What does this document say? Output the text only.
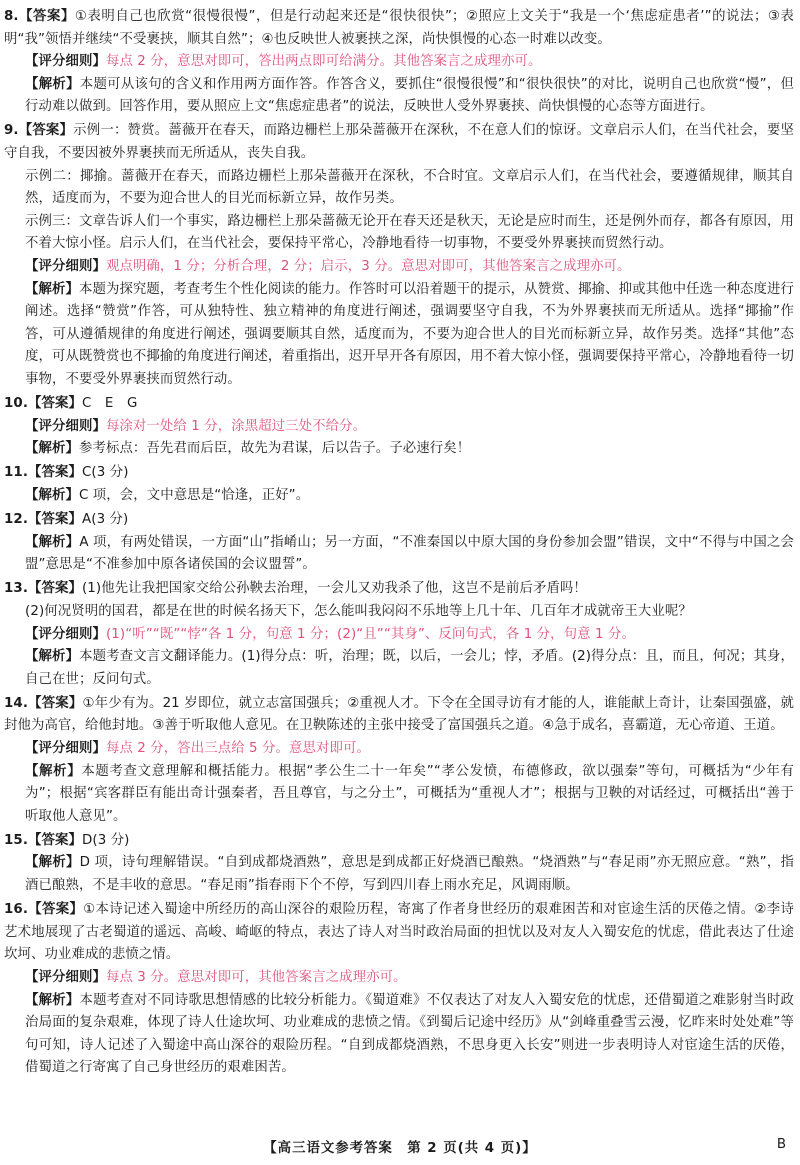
8.【答案】①表明自己也欣赏“很慢很慢”，但是行动起来还是“很快很快”；②照应上文关于“我是一个‘焦虑症患者’”的说法；③表明“我”领悟并继续“不受裹挟，顺其自然”；④也反映世人被裹挟之深，尚快惧慢的心态一时难以改变。
【评分细则】每点 2 分，意思对即可，答出两点即可给满分。其他答案言之成理亦可。
【解析】本题可从该句的含义和作用两方面作答。作答含义，要抓住“很慢很慢”和“很快很快”的对比，说明自己也欣赏“慢”，但行动难以做到。回答作用，要从照应上文“焦虑症患者”的说法，反映世人受外界裹挟、尚快惧慢的心态等方面进行。
9.【答案】示例一：赞赏。蔷薇开在春天，而路边栅栏上那朵蔷薇开在深秋，不在意人们的惊讶。文章启示人们，在当代社会，要坚守自我，不要因被外界裹挟而无所适从，丧失自我。
示例二：揶揄。蔷薇开在春天，而路边栅栏上那朵蔷薇开在深秋，不合时宜。文章启示人们，在当代社会，要遵循规律，顺其自然，适度而为，不要为迎合世人的目光而标新立异，故作另类。
示例三：文章告诉人们一个事实，路边栅栏上那朵蔷薇无论开在春天还是秋天，无论是应时而生，还是例外而存，都各有原因，用不着大惊小怪。启示人们，在当代社会，要保持平常心，冷静地看待一切事物，不要受外界裹挟而贸然行动。
【评分细则】观点明确，1 分；分析合理，2 分；启示，3 分。意思对即可，其他答案言之成理亦可。
【解析】本题为探究题，考查考生个性化阅读的能力。作答时可以沿着题干的提示，从赞赏、揶揄、抑或其他中任选一种态度进行阐述。选择“赞赏”作答，可从独特性、独立精神的角度进行阐述，强调要坚守自我，不为外界裹挟而无所适从。选择“揶揄”作答，可从遵循规律的角度进行阐述，强调要顺其自然，适度而为，不要为迎合世人的目光而标新立异，故作另类。选择“其他”态度，可从既赞赏也不揶揄的角度进行阐述，着重指出，迟开早开各有原因，用不着大惊小怪，强调要保持平常心，冷静地看待一切事物，不要受外界裹挟而贸然行动。
10.【答案】C　E　G
【评分细则】每涂对一处给 1 分，涂黑超过三处不给分。
【解析】参考标点：吾先君而后臣，故先为君谋，后以告子。子必速行矣！
11.【答案】C(3 分)
【解析】C 项，会，文中意思是“恰逢，正好”。
12.【答案】A(3 分)
【解析】A 项，有两处错误，一方面“山”指崤山；另一方面，“不准秦国以中原大国的身份参加会盟”错误，文中“不得与中国之会盟”意思是“不准参加中原各诸侯国的会议盟誓”。
13.【答案】(1)他先让我把国家交给公孙鞅去治理，一会儿又劝我杀了他，这岂不是前后矛盾吗！
(2)何况贤明的国君，都是在世的时候名扬天下，怎么能叫我闷闷不乐地等上几十年、几百年才成就帝王大业呢？
【评分细则】(1)“听”“既”“悖”各 1 分，句意 1 分；(2)“且”“其身”、反问句式，各 1 分，句意 1 分。
【解析】本题考查文言文翻译能力。(1)得分点：听，治理；既，以后，一会儿；悖，矛盾。(2)得分点：且，而且，何况；其身，自己在世；反问句式。
14.【答案】①年少有为。21 岁即位，就立志富国强兵；②重视人才。下令在全国寻访有才能的人，谁能献上奇计，让秦国强盛，就封他为高官，给他封地。③善于听取他人意见。在卫鞅陈述的主张中接受了富国强兵之道。④急于成名，喜霸道，无心帝道、王道。
【评分细则】每点 2 分，答出三点给 5 分。意思对即可。
【解析】本题考查文意理解和概括能力。根据“孝公生二十一年矣”“孝公发愤，布德修政，欲以强秦”等句，可概括为“少年有为”；根据“宾客群臣有能出奇计强秦者，吾且尊官，与之分土”，可概括为“重视人才”；根据与卫鞅的对话经过，可概括出“善于听取他人意见”。
15.【答案】D(3 分)
【解析】D 项，诗句理解错误。“自到成都烧酒熟”，意思是到成都正好烧酒已酿熟。“烧酒熟”与“春足雨”亦无照应意。“熟”，指酒已酿熟，不是丰收的意思。“春足雨”指春雨下个不停，写到四川春上雨水充足，风调雨顺。
16.【答案】①本诗记述入蜀途中所经历的高山深谷的艰险历程，寄寓了作者身世经历的艰难困苦和对宦途生活的厌倦之情。②李诗艺术地展现了古老蜀道的遥远、高峻、崎岖的特点，表达了诗人对当时政治局面的担忧以及对友人入蜀安危的忧虑，借此表达了仕途坎坷、功业难成的悲愤之情。
【评分细则】每点 3 分。意思对即可，其他答案言之成理亦可。
【解析】本题考查对不同诗歌思想情感的比较分析能力。《蜀道难》不仅表达了对友人入蜀安危的忧虑，还借蜀道之难影射当时政治局面的复杂艰难，体现了诗人仕途坎坷、功业难成的悲愤之情。《到蜀后记途中经历》从“剑峰重叠雪云漫，忆昨来时处处难”等句可知，诗人记述了入蜀途中高山深谷的艰险历程。“自到成都烧酒熟，不思身更入长安”则进一步表明诗人对宦途生活的厌倦，借蜀道之行寄寓了自己身世经历的艰难困苦。
【高三语文参考答案　第 2 页(共 4 页)】	B
